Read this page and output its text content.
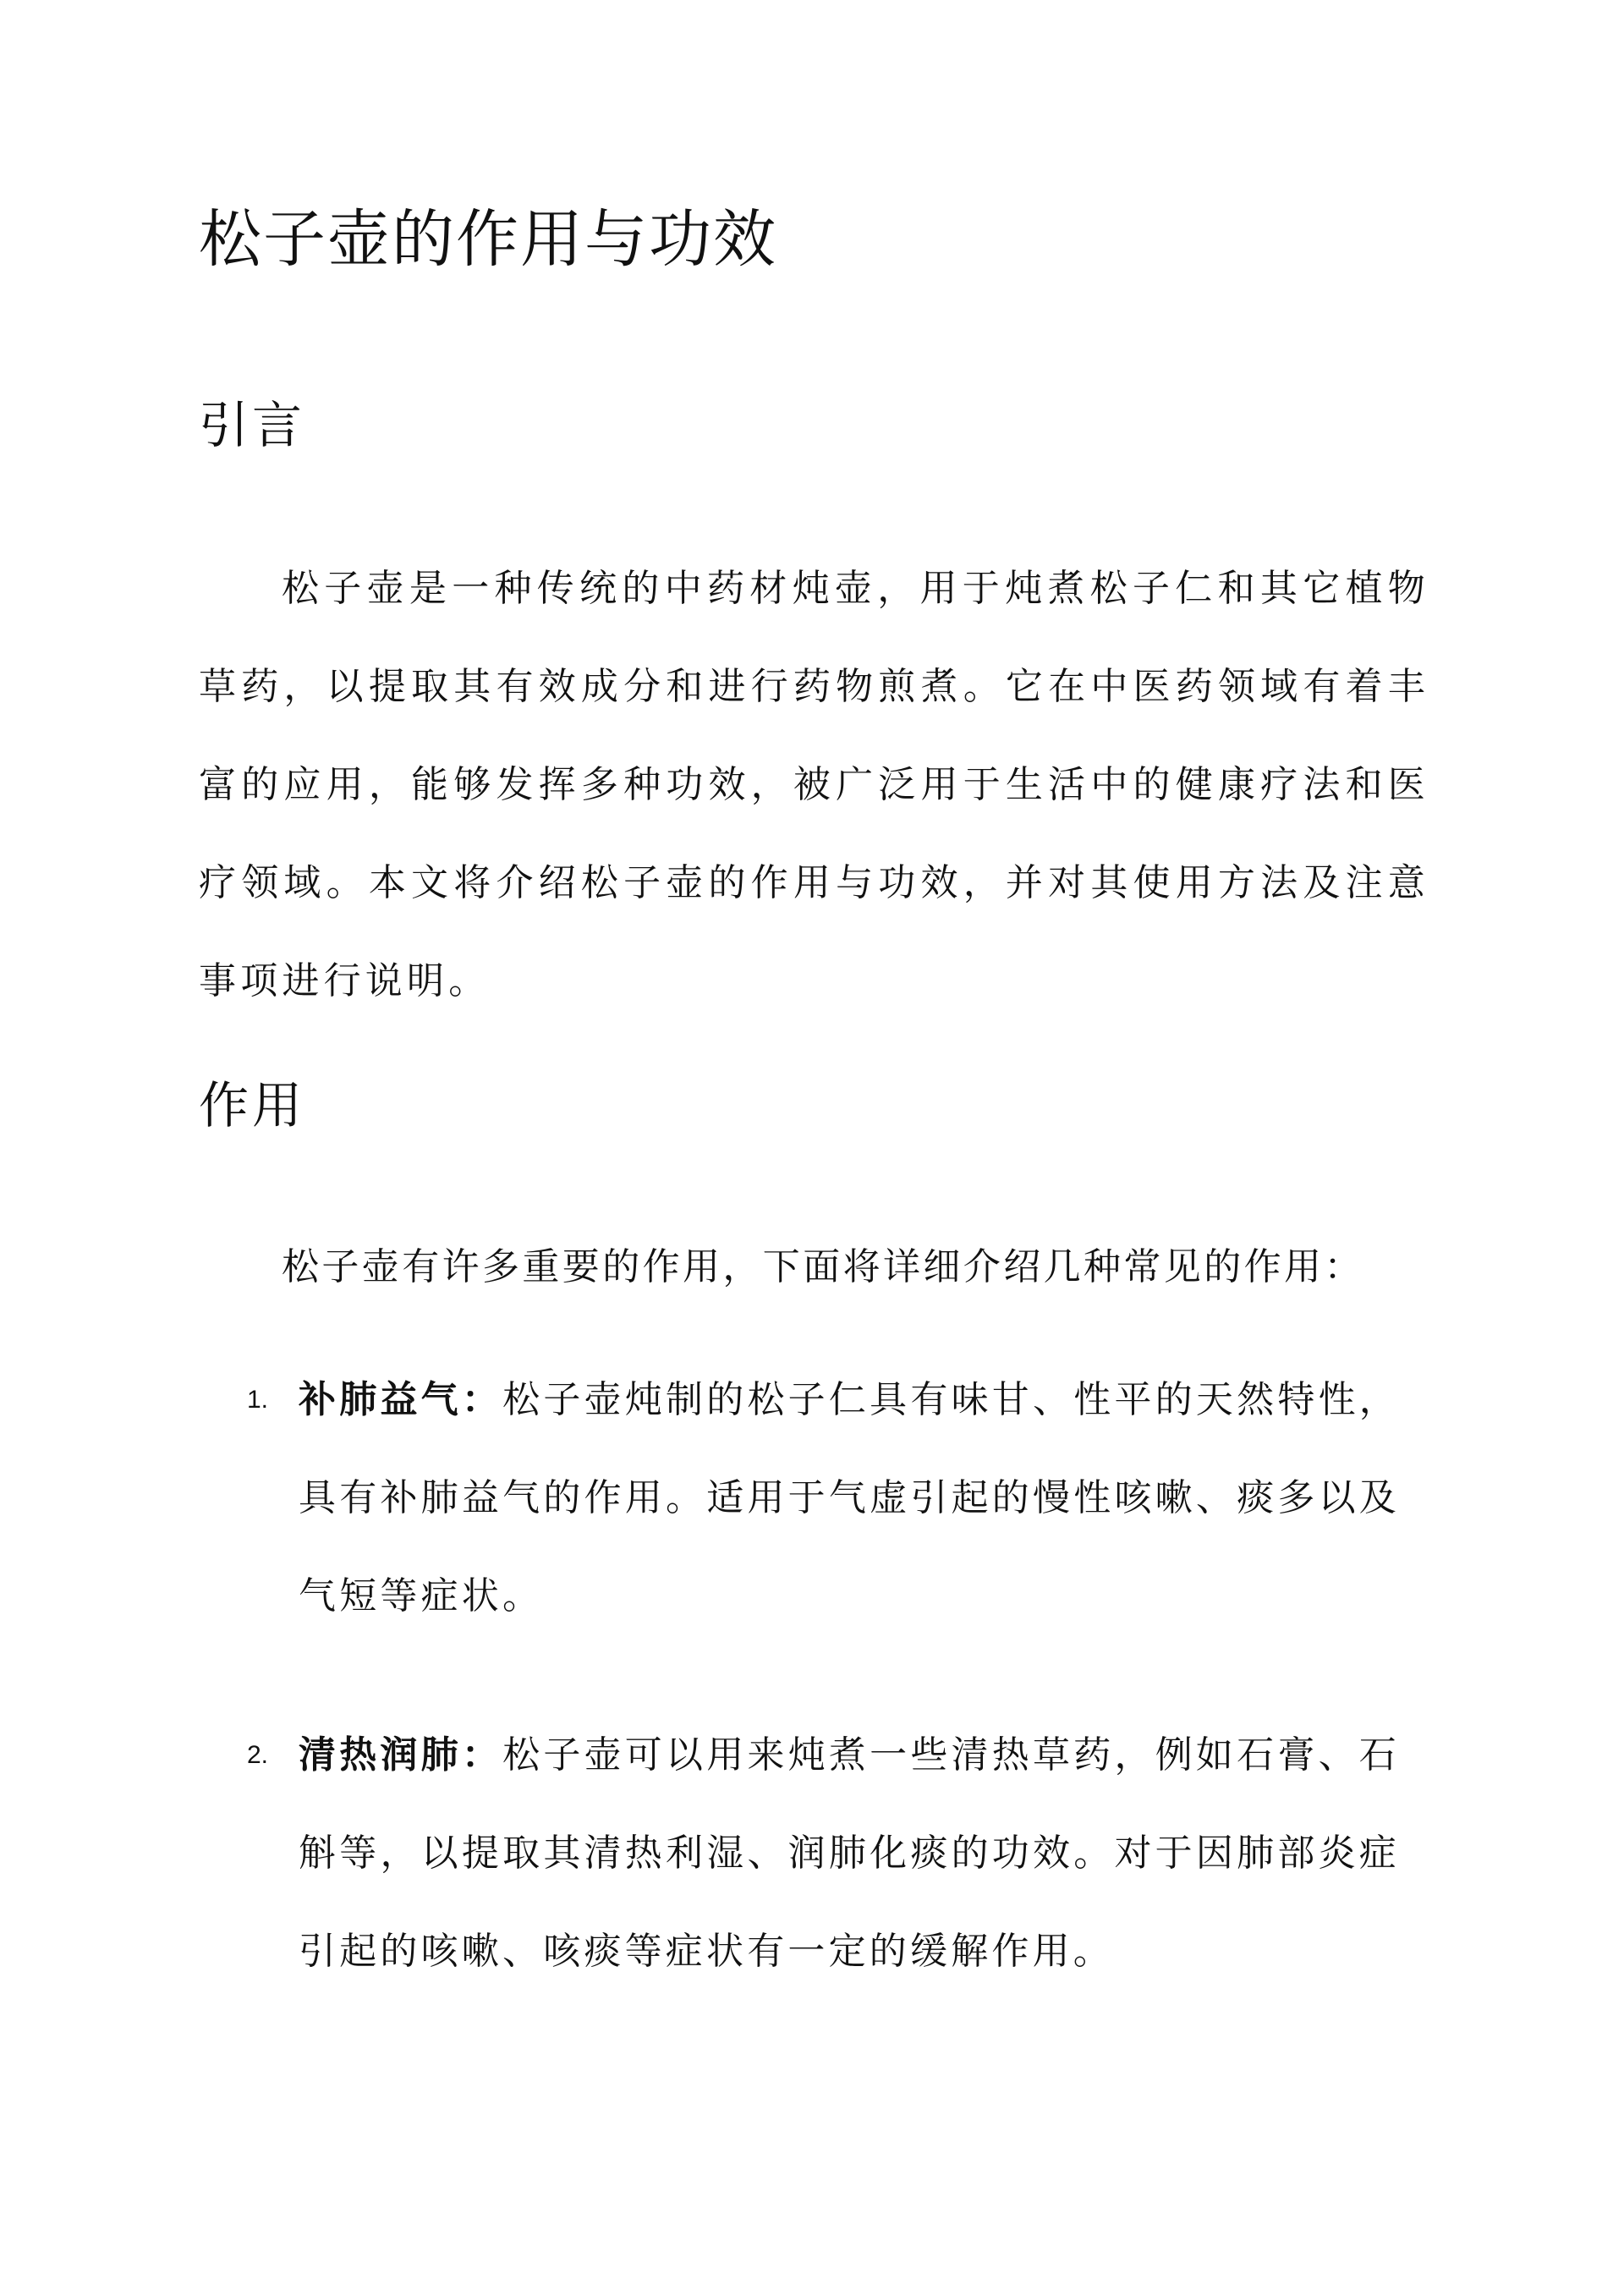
松子壶的作用与功效
引言

松子壶是一种传统的中药材炖壶，用于炖煮松子仁和其它植物草药，以提取其有效成分和进行药物煎煮。它在中医药领域有着丰富的应用，能够发挥多种功效，被广泛用于生活中的健康疗法和医疗领域。本文将介绍松子壶的作用与功效，并对其使用方法及注意事项进行说明。

作用

松子壶有许多重要的作用，下面将详细介绍几种常见的作用：

1. 补肺益气：松子壶炖制的松子仁具有味甘、性平的天然特性，具有补肺益气的作用。适用于气虚引起的慢性咳嗽、痰多以及气短等症状。
2. 清热润肺：松子壶可以用来炖煮一些清热草药，例如石膏、石斛等，以提取其清热利湿、润肺化痰的功效。对于因肺部炎症引起的咳嗽、咳痰等症状有一定的缓解作用。
